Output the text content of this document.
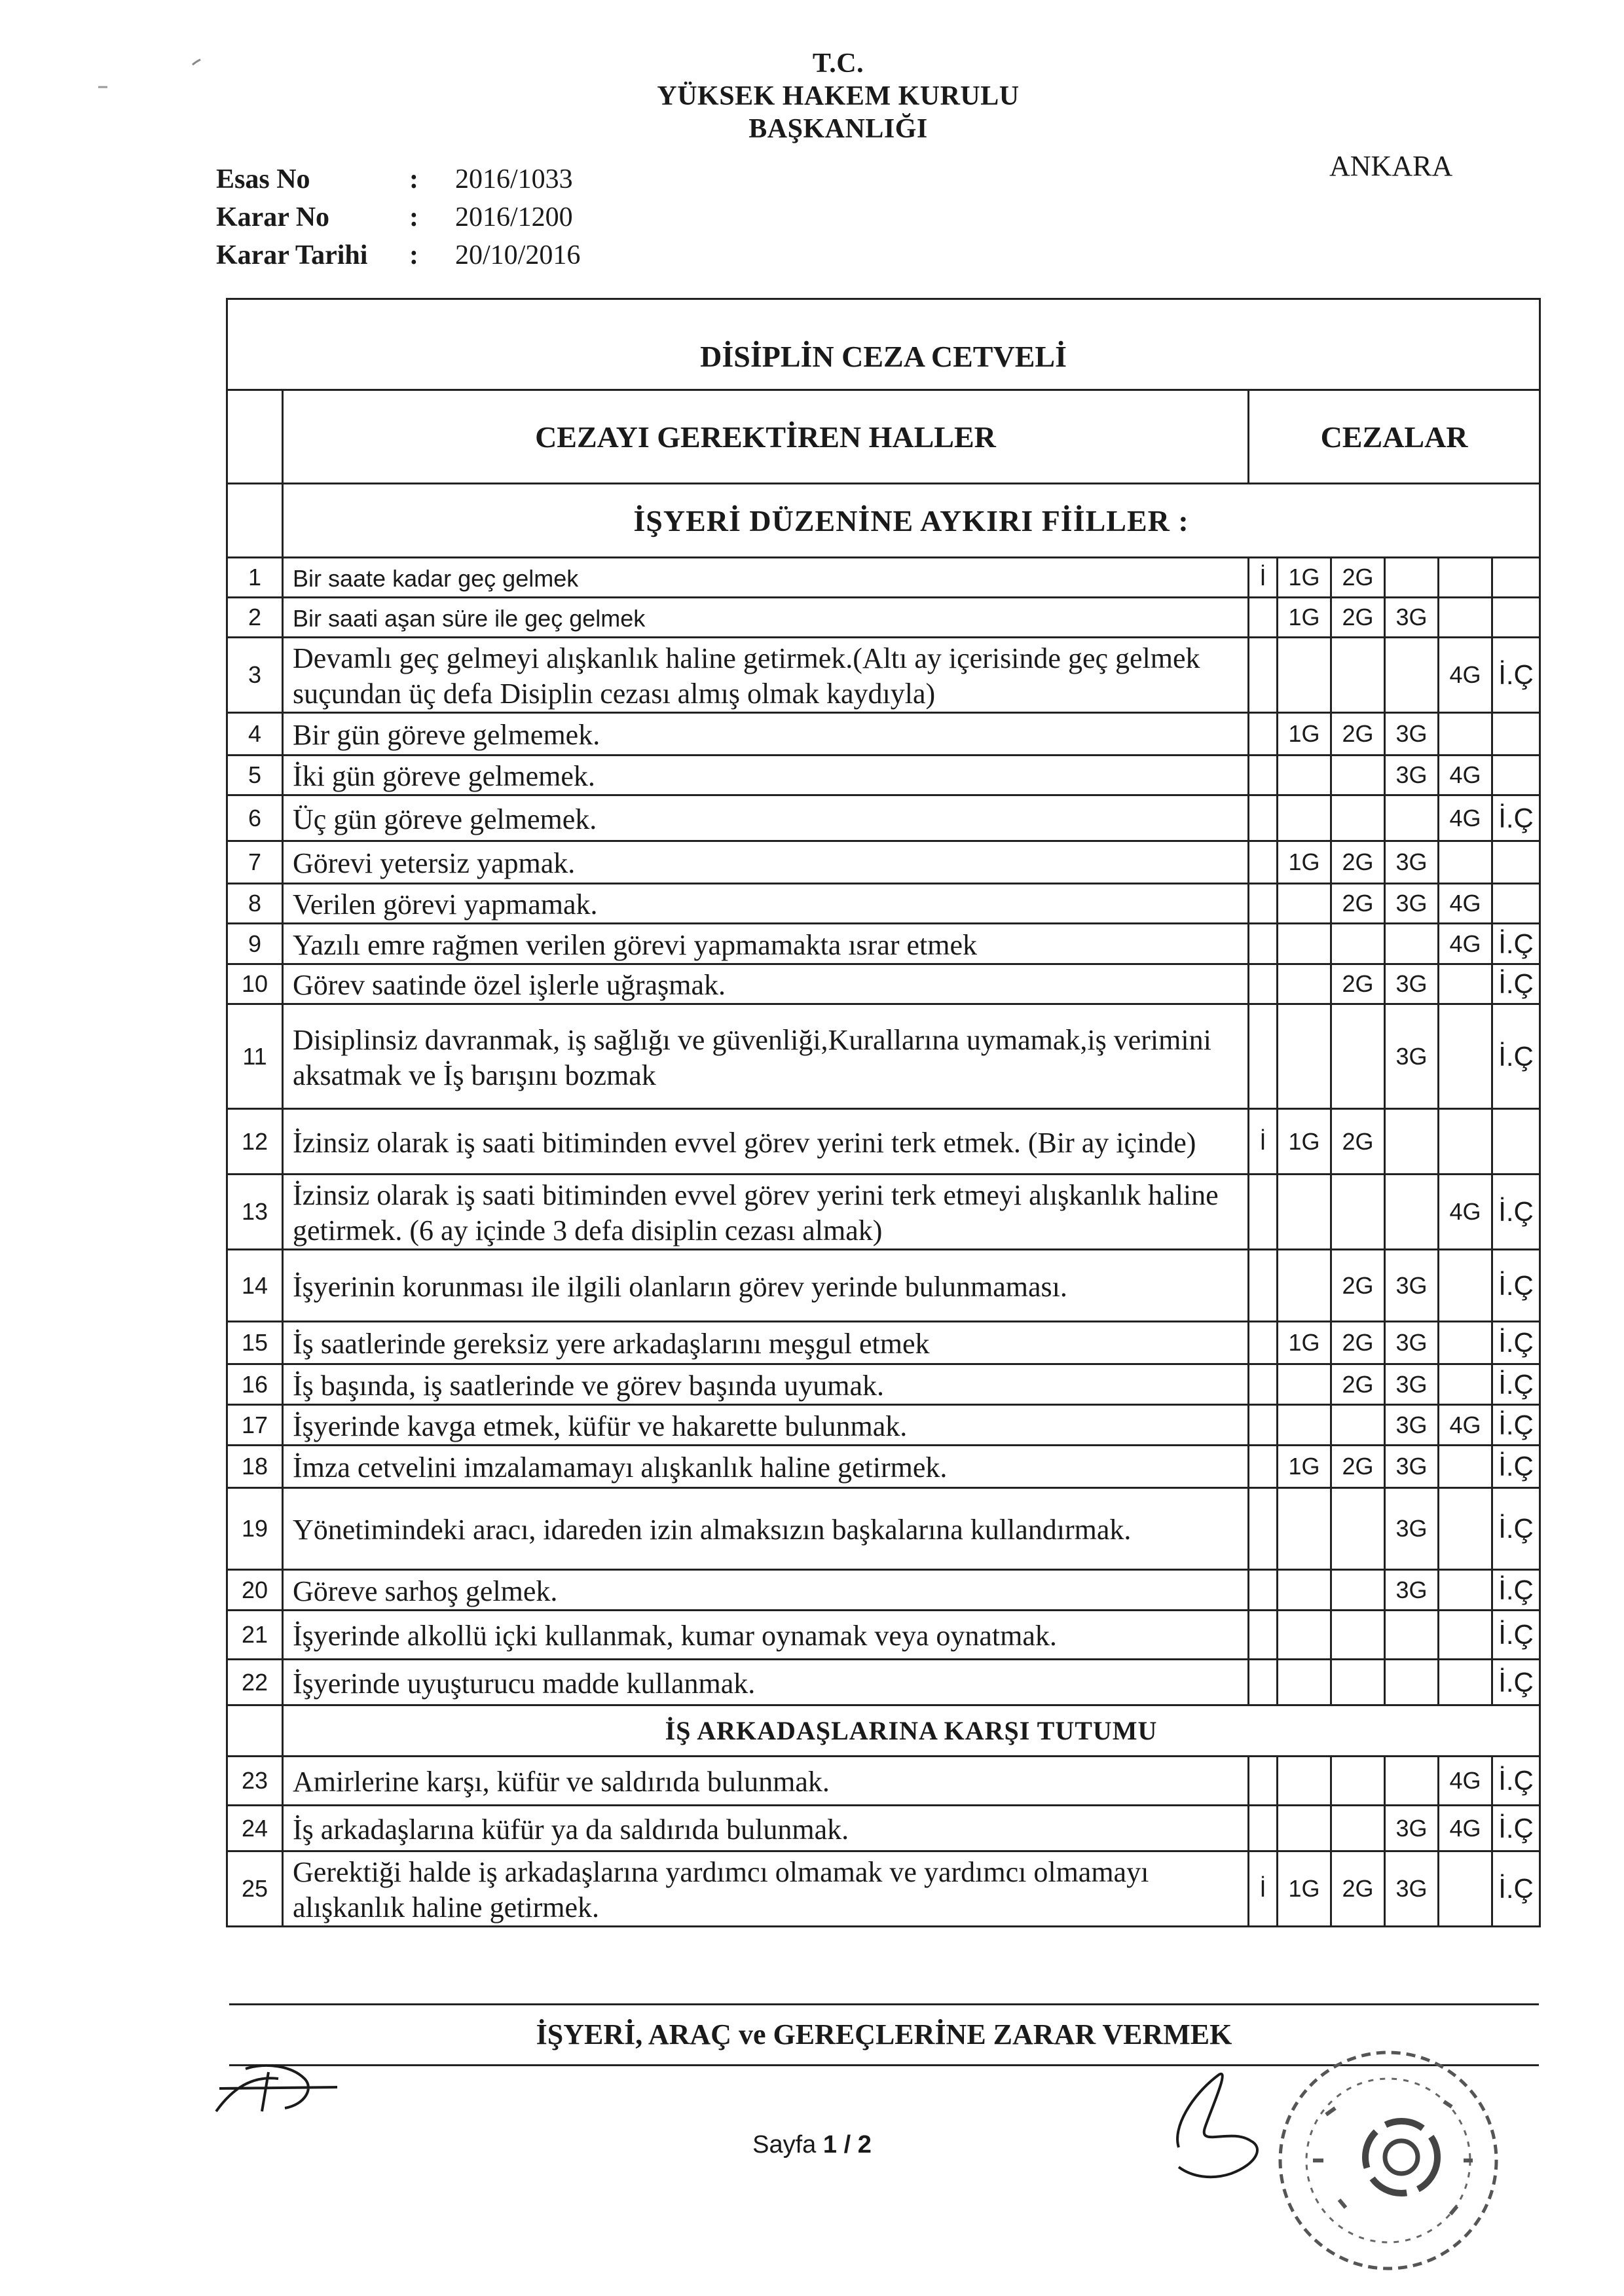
T.C.
YÜKSEK HAKEM KURULU
BAŞKANLIĞI
ANKARA
Esas No	:	2016/1033
Karar No	:	2016/1200
Karar Tarihi	:	20/10/2016
DİSİPLİN CEZA CETVELİ							
	CEZAYI GEREKTİREN HALLER	CEZALAR					
	İŞYERİ DÜZENİNE AYKIRI FİİLLER :						
1	Bir saate kadar geç gelmek	İ	1G	2G			
2	Bir saati aşan süre ile geç gelmek		1G	2G	3G		
3	Devamlı geç gelmeyi alışkanlık haline getirmek.(Altı ay içerisinde geç gelmek suçundan üç defa Disiplin cezası almış olmak kaydıyla)					4G	İ.Ç
4	Bir gün göreve gelmemek.		1G	2G	3G		
5	İki gün göreve gelmemek.				3G	4G	
6	Üç gün göreve gelmemek.					4G	İ.Ç
7	Görevi yetersiz yapmak.		1G	2G	3G		
8	Verilen görevi yapmamak.			2G	3G	4G	
9	Yazılı emre rağmen verilen görevi yapmamakta ısrar etmek					4G	İ.Ç
10	Görev saatinde özel işlerle uğraşmak.			2G	3G		İ.Ç
11	Disiplinsiz davranmak, iş sağlığı ve güvenliği,Kurallarına uymamak,iş verimini aksatmak ve İş barışını bozmak				3G		İ.Ç
12	İzinsiz olarak iş saati bitiminden evvel görev yerini terk etmek. (Bir ay içinde)	İ	1G	2G			
13	İzinsiz olarak iş saati bitiminden evvel görev yerini terk etmeyi alışkanlık haline getirmek. (6 ay içinde 3 defa disiplin cezası almak)					4G	İ.Ç
14	İşyerinin korunması ile ilgili olanların görev yerinde bulunmaması.			2G	3G		İ.Ç
15	İş saatlerinde gereksiz yere arkadaşlarını meşgul etmek		1G	2G	3G		İ.Ç
16	İş başında, iş saatlerinde ve görev başında uyumak.			2G	3G		İ.Ç
17	İşyerinde kavga etmek, küfür ve hakarette bulunmak.				3G	4G	İ.Ç
18	İmza cetvelini imzalamamayı alışkanlık haline getirmek.		1G	2G	3G		İ.Ç
19	Yönetimindeki aracı, idareden izin almaksızın başkalarına kullandırmak.				3G		İ.Ç
20	Göreve sarhoş gelmek.				3G		İ.Ç
21	İşyerinde alkollü içki kullanmak, kumar oynamak veya oynatmak.						İ.Ç
22	İşyerinde uyuşturucu madde kullanmak.						İ.Ç
	İŞ ARKADAŞLARINA KARŞI TUTUMU						
23	Amirlerine karşı, küfür ve saldırıda bulunmak.					4G	İ.Ç
24	İş arkadaşlarına küfür ya da saldırıda bulunmak.				3G	4G	İ.Ç
25	Gerektiği halde iş arkadaşlarına yardımcı olmamak ve yardımcı olmamayı alışkanlık haline getirmek.	İ	1G	2G	3G		İ.Ç
İŞYERİ, ARAÇ ve GEREÇLERİNE ZARAR VERMEK
Sayfa 1 / 2
